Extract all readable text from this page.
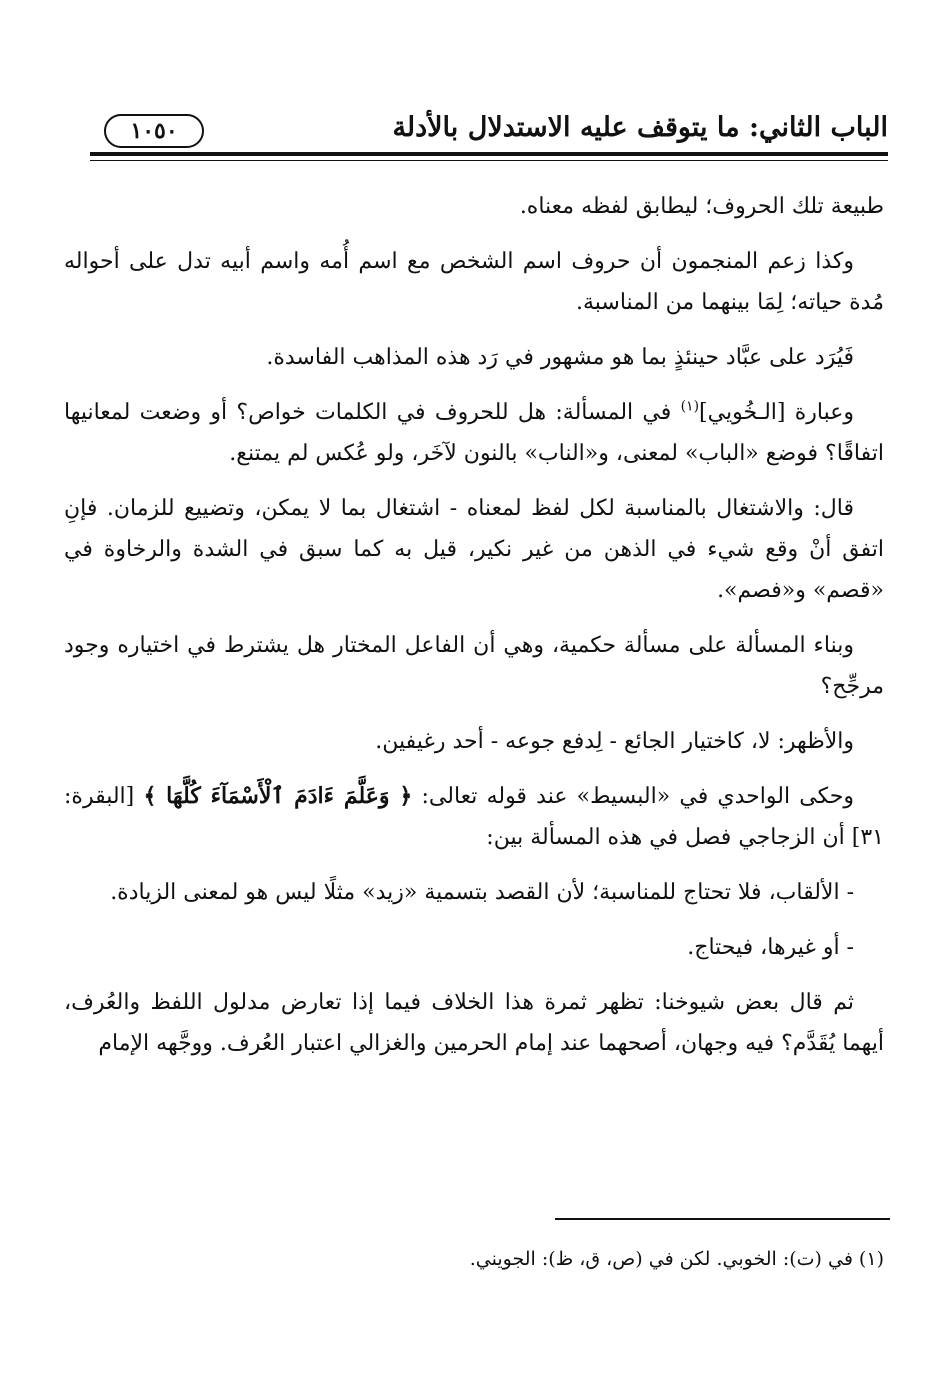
الباب الثاني: ما يتوقف عليه الاستدلال بالأدلة
١٠٥٠

طبيعة تلك الحروف؛ ليطابق لفظه معناه.

وكذا زعم المنجمون أن حروف اسم الشخص مع اسم أُمه واسم أبيه تدل على أحواله مُدة حياته؛ لِمَا بينهما من المناسبة.

فَيُرَد على عبَّاد حينئذٍ بما هو مشهور في رَد هذه المذاهب الفاسدة.

وعبارة [الـخُويي]$^{(١)}$ في المسألة: هل للحروف في الكلمات خواص؟ أو وضعت لمعانيها اتفاقًا؟ فوضع «الباب» لمعنى، و«الناب» بالنون لآخَر، ولو عُكس لم يمتنع.

قال: والاشتغال بالمناسبة لكل لفظ لمعناه - اشتغال بما لا يمكن، وتضييع للزمان. فإنِ اتفق أنْ وقع شيء في الذهن من غير نكير، قيل به كما سبق في الشدة والرخاوة في «قصم» و«فصم».

وبناء المسألة على مسألة حكمية، وهي أن الفاعل المختار هل يشترط في اختياره وجود مرجِّح؟

والأظهر: لا، كاختيار الجائع - لِدفع جوعه - أحد رغيفين.

وحكى الواحدي في «البسيط» عند قوله تعالى: ﴿ وَعَلَّمَ ءَادَمَ ٱلْأَسْمَآءَ كُلَّهَا ﴾ [البقرة: ٣١] أن الزجاجي فصل في هذه المسألة بين:

- الألقاب، فلا تحتاج للمناسبة؛ لأن القصد بتسمية «زيد» مثلًا ليس هو لمعنى الزيادة.

- أو غيرها، فيحتاج.

ثم قال بعض شيوخنا: تظهر ثمرة هذا الخلاف فيما إذا تعارض مدلول اللفظ والعُرف، أيهما يُقَدَّم؟ فيه وجهان، أصحهما عند إمام الحرمين والغزالي اعتبار العُرف. ووجَّهه الإمام

(١) في (ت): الخوبي. لكن في (ص، ق، ظ): الجويني.
